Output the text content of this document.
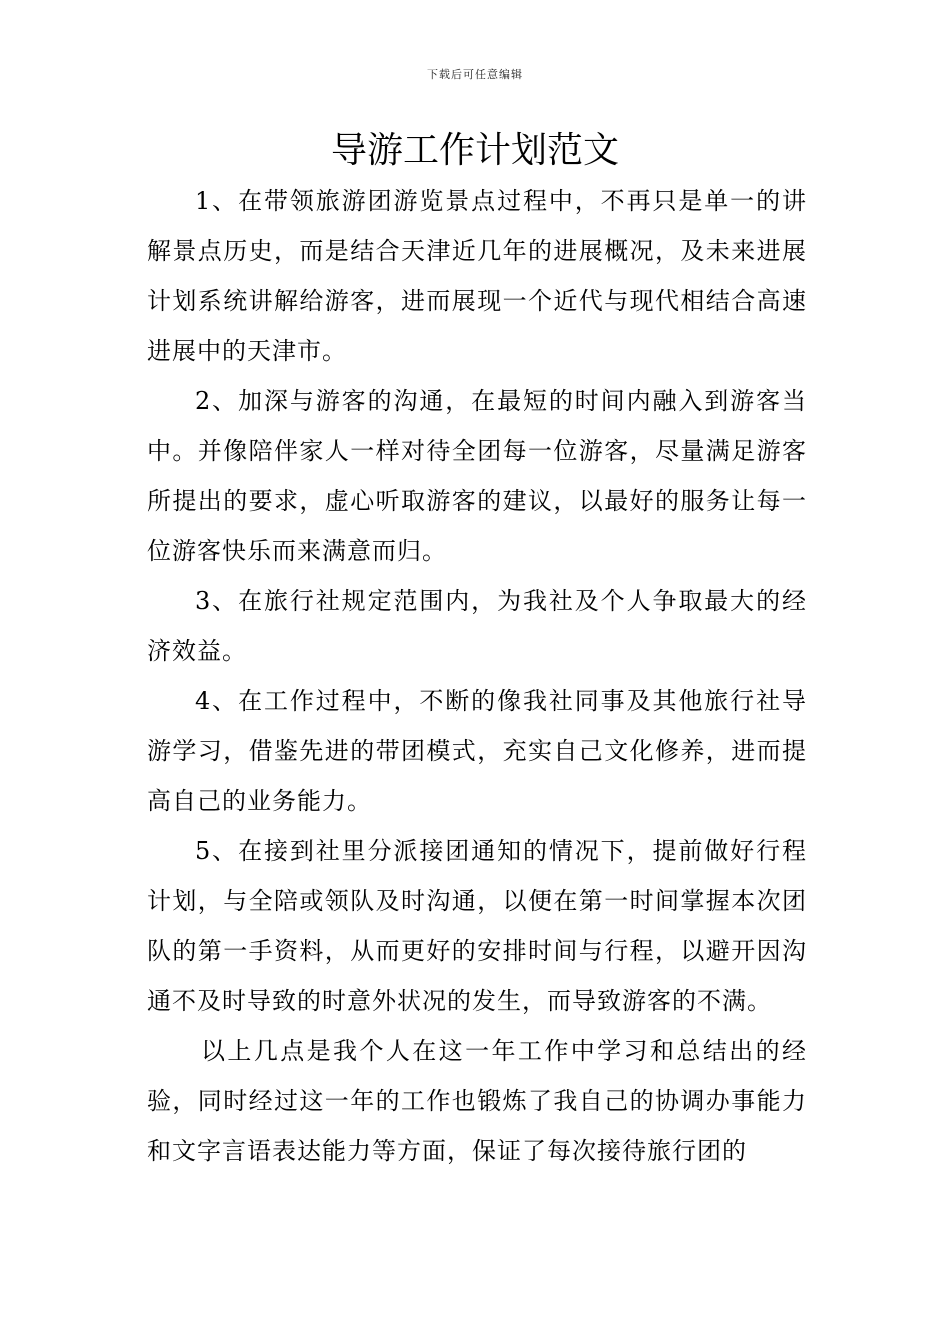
下载后可任意编辑
导游工作计划范文

1、在带领旅游团游览景点过程中，不再只是单一的讲解景点历史，而是结合天津近几年的进展概况，及未来进展计划系统讲解给游客，进而展现一个近代与现代相结合高速进展中的天津市。

2、加深与游客的沟通，在最短的时间内融入到游客当中。并像陪伴家人一样对待全团每一位游客，尽量满足游客所提出的要求，虚心听取游客的建议，以最好的服务让每一位游客快乐而来满意而归。

3、在旅行社规定范围内，为我社及个人争取最大的经济效益。

4、在工作过程中，不断的像我社同事及其他旅行社导游学习，借鉴先进的带团模式，充实自己文化修养，进而提高自己的业务能力。

5、在接到社里分派接团通知的情况下，提前做好行程计划，与全陪或领队及时沟通，以便在第一时间掌握本次团队的第一手资料，从而更好的安排时间与行程，以避开因沟通不及时导致的时意外状况的发生，而导致游客的不满。

以上几点是我个人在这一年工作中学习和总结出的经验，同时经过这一年的工作也锻炼了我自己的协调办事能力和文字言语表达能力等方面，保证了每次接待旅行团的
